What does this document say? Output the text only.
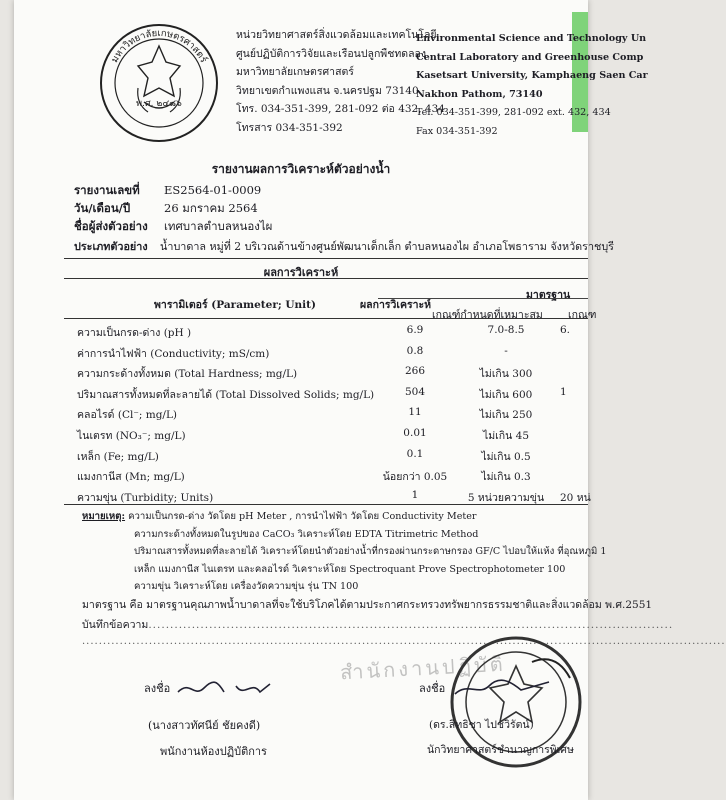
มหาวิทยาลัยเกษตรศาสตร์
พ.ศ. ๒๔๘๖
หน่วยวิทยาศาสตร์สิ่งแวดล้อมและเทคโนโลยี
ศูนย์ปฏิบัติการวิจัยและเรือนปลูกพืชทดลอง
มหาวิทยาลัยเกษตรศาสตร์
วิทยาเขตกำแพงแสน จ.นครปฐม 73140
โทร. 034-351-399, 281-092 ต่อ 432, 434
โทรสาร 034-351-392
Environmental Science and Technology Un
Central Laboratory and Greenhouse Comp
Kasetsart University, Kamphaeng Saen Car
Nakhon Pathom, 73140
Tel. 034-351-399, 281-092 ext. 432, 434
Fax 034-351-392
รายงานผลการวิเคราะห์ตัวอย่างน้ำ
รายงานเลขที่ ES2564-01-0009
วัน/เดือน/ปี	26 มกราคม 2564
ชื่อผู้ส่งตัวอย่าง เทศบาลตำบลหนองไผ
ประเภทตัวอย่าง น้ำบาดาล หมู่ที่ 2 บริเวณด้านข้างศูนย์พัฒนาเด็กเล็ก ตำบลหนองไผ อำเภอโพธาราม จังหวัดราชบุรี
ผลการวิเคราะห์
พารามิเตอร์ (Parameter; Unit)	ผลการวิเคราะห์
มาตรฐาน
เกณฑ์กำหนดที่เหมาะสม เกณฑ
ความเป็นกรด-ด่าง (pH )	6.9	7.0-8.5	6.
ค่าการนำไฟฟ้า (Conductivity; mS/cm)	0.8	-
ความกระด้างทั้งหมด (Total Hardness; mg/L)	266	ไม่เกิน 300
ปริมาณสารทั้งหมดที่ละลายได้ (Total Dissolved Solids; mg/L)	504	ไม่เกิน 600	1
คลอไรด์ (Cl⁻; mg/L)	11	ไม่เกิน 250
ไนเตรท (NO₃⁻; mg/L)	0.01	ไม่เกิน 45
เหล็ก (Fe; mg/L)	0.1	ไม่เกิน 0.5
แมงกานีส (Mn; mg/L)	น้อยกว่า 0.05	ไม่เกิน 0.3
ความขุ่น (Turbidity; Units)	1	5 หน่วยความขุ่น	20 หน่
หมายเหตุ: ความเป็นกรด-ด่าง วัดโดย pH Meter , การนำไฟฟ้า วัดโดย Conductivity Meter
ความกระด้างทั้งหมดในรูปของ CaCO₃ วิเคราะห์โดย EDTA Titrimetric Method
ปริมาณสารทั้งหมดที่ละลายได้ วิเคราะห์โดยนำตัวอย่างน้ำที่กรองผ่านกระดาษกรอง GF/C ไปอบให้แห้ง ที่อุณหภูมิ 1
เหล็ก แมงกานีส ไนเตรท และคลอไรด์ วิเคราะห์โดย Spectroquant Prove Spectrophotometer 100
ความขุ่น วิเคราะห์โดย เครื่องวัดความขุ่น รุ่น TN 100
มาตรฐาน คือ มาตรฐานคุณภาพน้ำบาดาลที่จะใช้บริโภคได้ตามประกาศกระทรวงทรัพยากรธรรมชาติและสิ่งแวดล้อม พ.ศ.2551
บันทึกข้อความ.........................................................................................................................
..........................................................................................................................................................
สำนักงานปฏิบัติ
ลงชื่อ
(นางสาวทัศนีย์ ชัยคงดี)
พนักงานห้องปฏิบัติการ
ลงชื่อ
(ดร.สิทธิชา ไปชวิรัตน์)
นักวิทยาศาสตร์ชำนาญการพิเศษ
